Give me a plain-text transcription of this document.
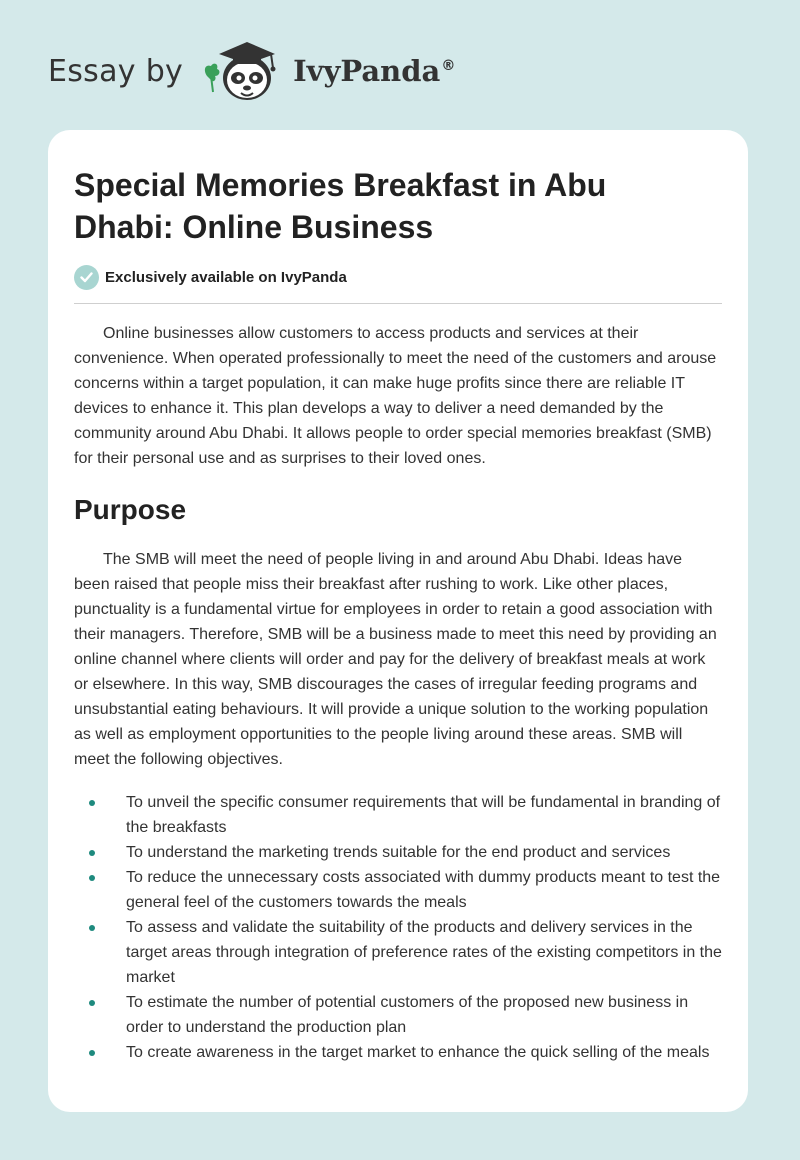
Essay by	IvyPanda®
Special Memories Breakfast in Abu Dhabi: Online Business
Exclusively available on IvyPanda

Online businesses allow customers to access products and services at their convenience. When operated professionally to meet the need of the customers and arouse concerns within a target population, it can make huge profits since there are reliable IT devices to enhance it. This plan develops a way to deliver a need demanded by the community around Abu Dhabi. It allows people to order special memories breakfast (SMB) for their personal use and as surprises to their loved ones.

Purpose

The SMB will meet the need of people living in and around Abu Dhabi. Ideas have been raised that people miss their breakfast after rushing to work. Like other places, punctuality is a fundamental virtue for employees in order to retain a good association with their managers. Therefore, SMB will be a business made to meet this need by providing an online channel where clients will order and pay for the delivery of breakfast meals at work or elsewhere. In this way, SMB discourages the cases of irregular feeding programs and unsubstantial eating behaviours. It will provide a unique solution to the working population as well as employment opportunities to the people living around these areas. SMB will meet the following objectives.

To unveil the specific consumer requirements that will be fundamental in branding of the breakfasts
To understand the marketing trends suitable for the end product and services
To reduce the unnecessary costs associated with dummy products meant to test the general feel of the customers towards the meals
To assess and validate the suitability of the products and delivery services in the target areas through integration of preference rates of the existing competitors in the market
To estimate the number of potential customers of the proposed new business in order to understand the production plan
To create awareness in the target market to enhance the quick selling of the meals
